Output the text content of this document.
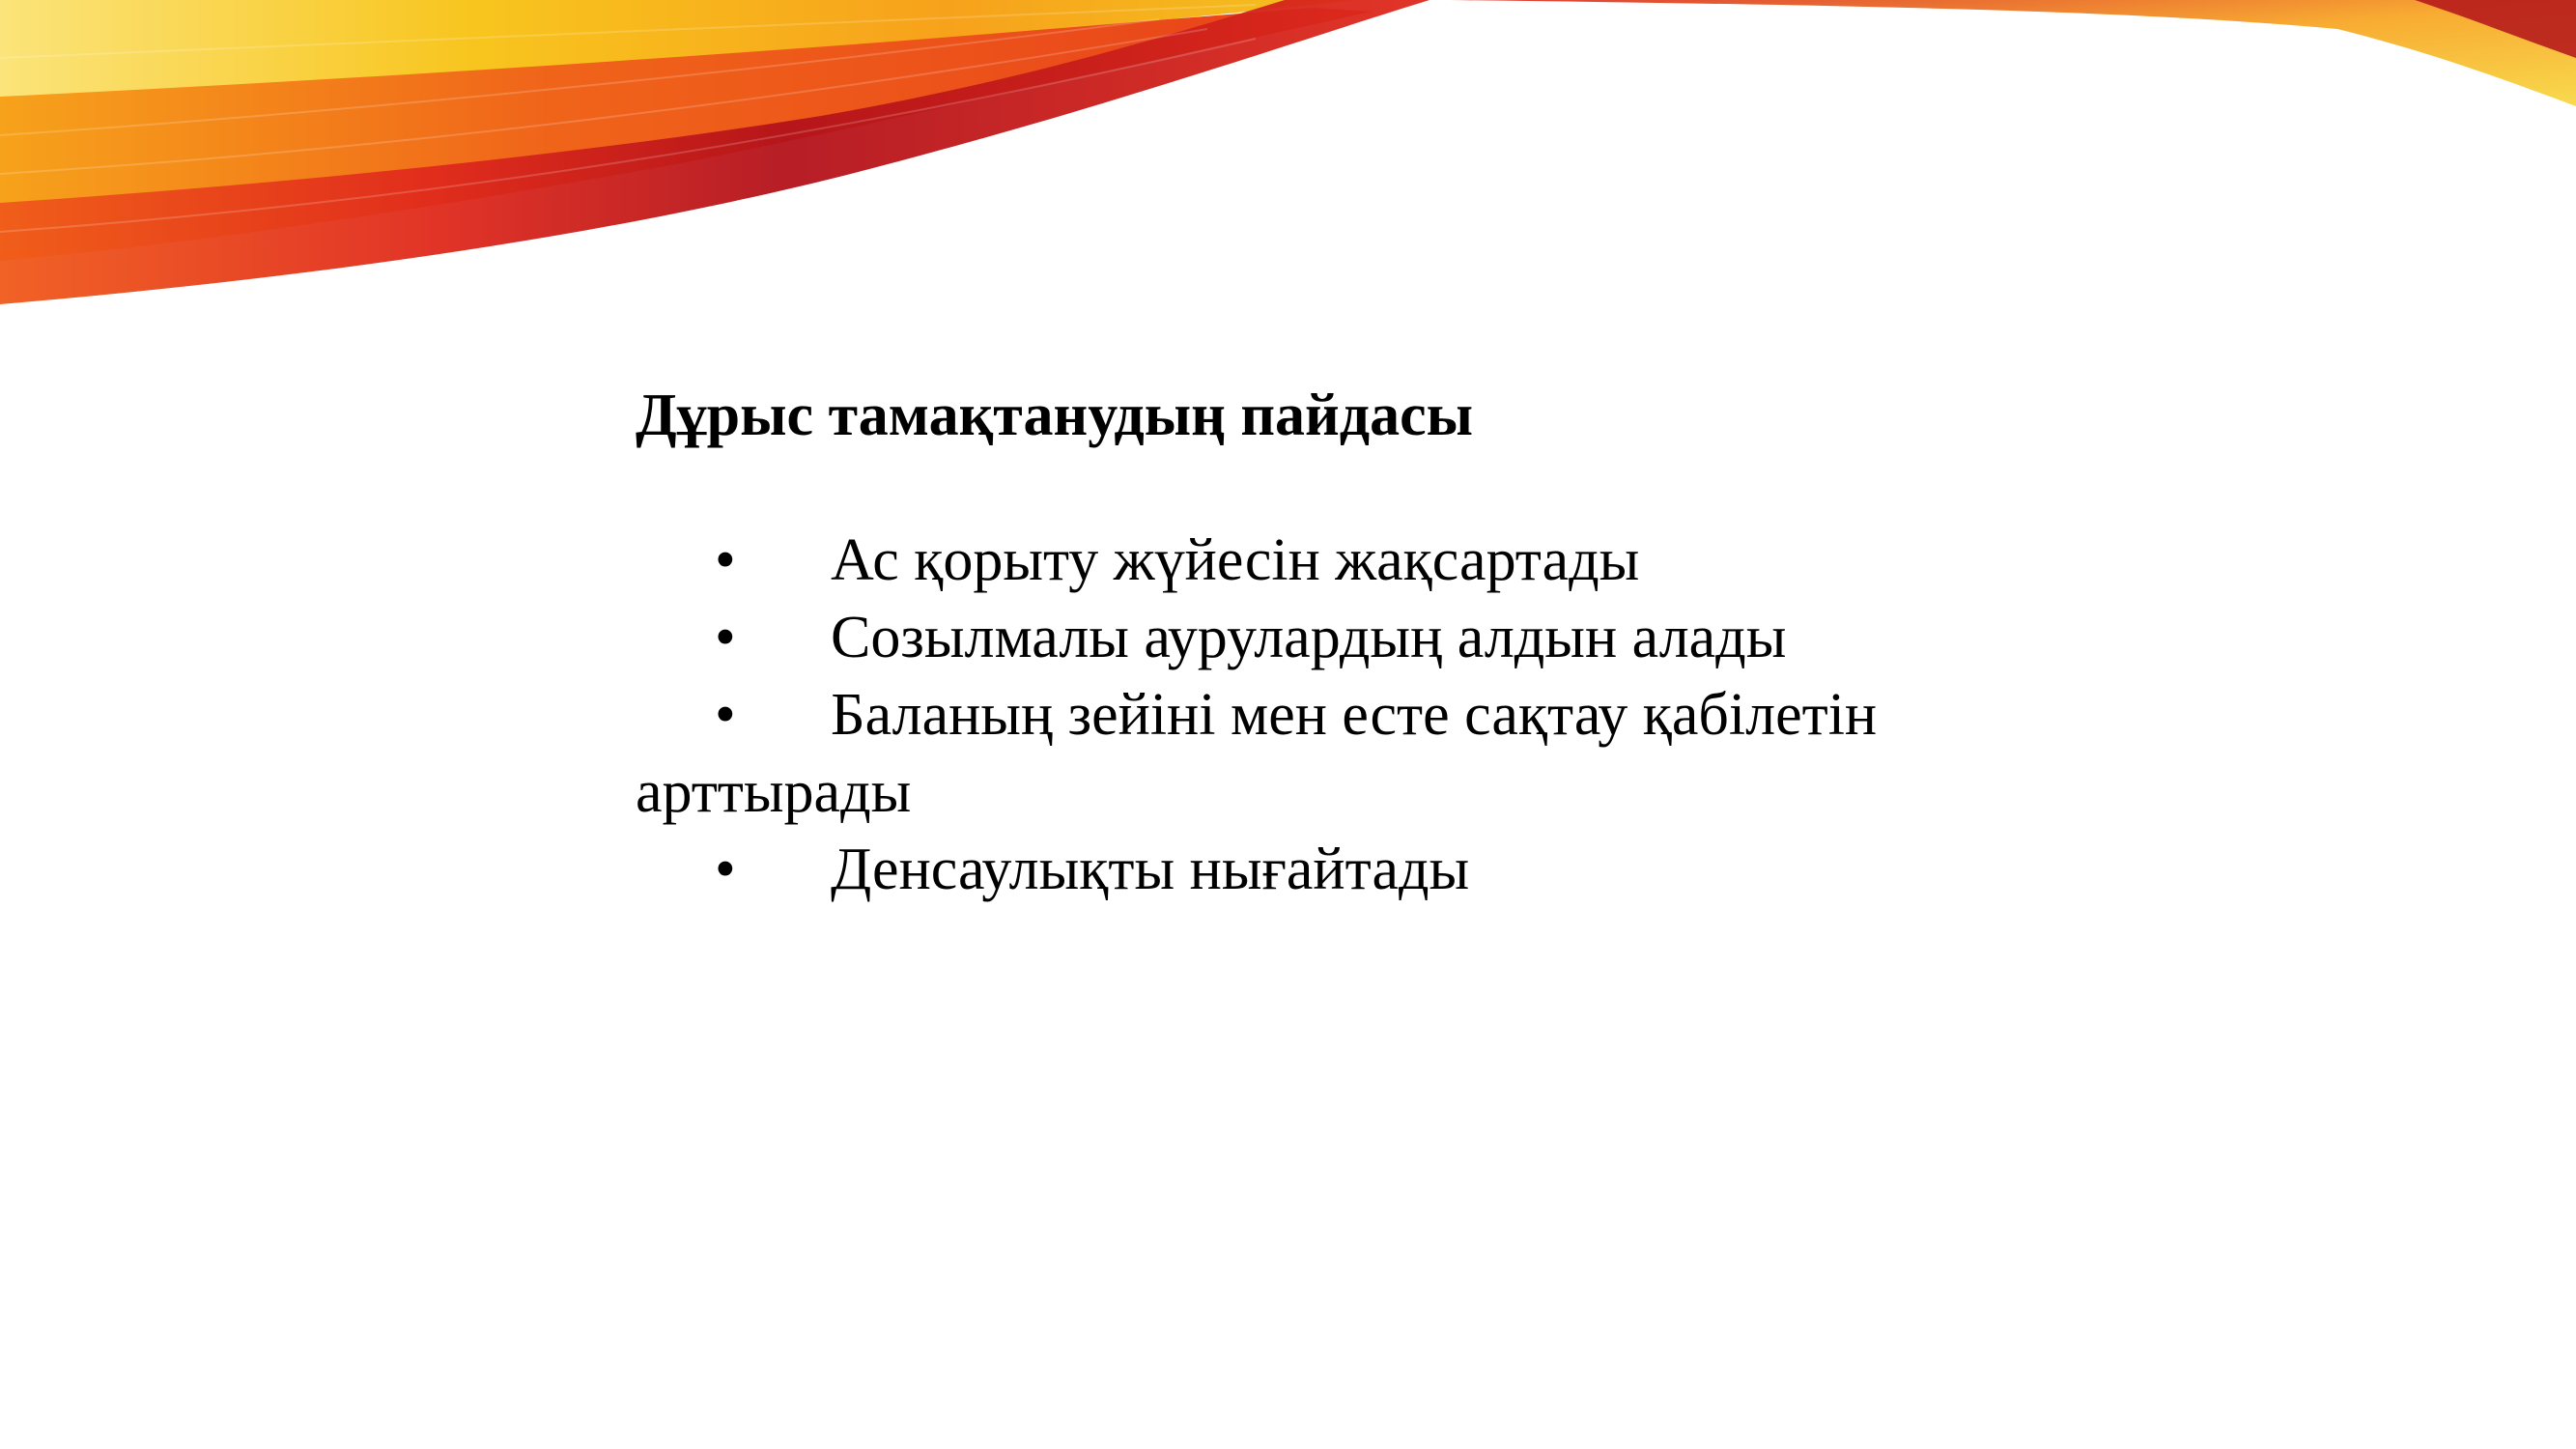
Дұрыс тамақтанудың пайдасы
• Ас қорыту жүйесін жақсартады
• Созылмалы аурулардың алдын алады
• Баланың зейіні мен есте сақтау қабілетін арттырады
• Денсаулықты нығайтады
